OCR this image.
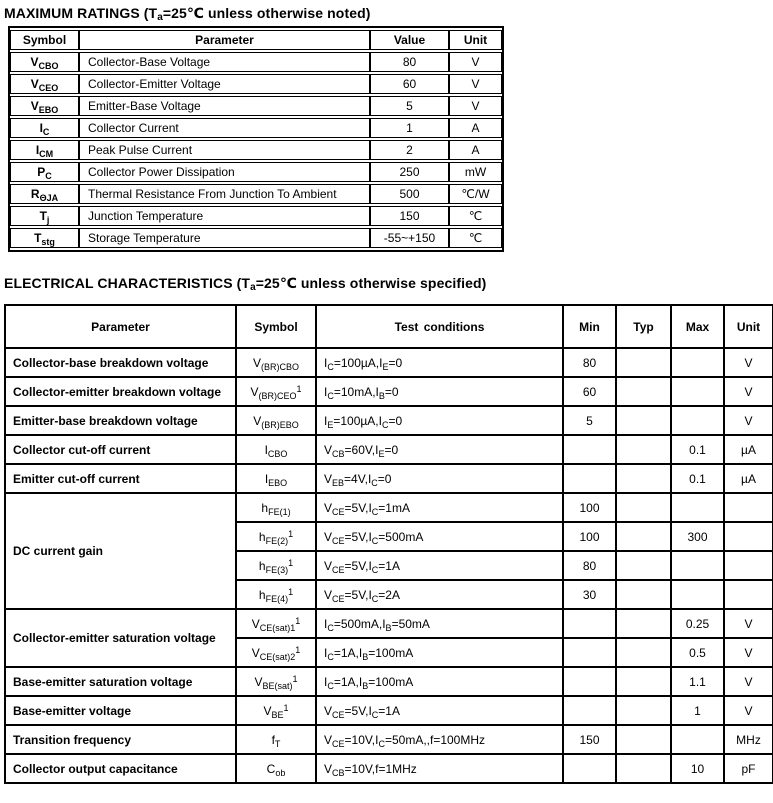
MAXIMUM RATINGS ($T_a=25℃$ unless otherwise noted)
Symbol	Parameter	Value	Unit
$V_{CBO}$	Collector-Base Voltage	80	V
$V_{CEO}$	Collector-Emitter Voltage	60	V
$V_{EBO}$	Emitter-Base Voltage	5	V
$I_C$	Collector Current	1	A
$I_{CM}$	Peak Pulse Current	2	A
$P_C$	Collector Power Dissipation	250	mW
$R_{\Theta JA}$	Thermal Resistance From Junction To Ambient	500	℃/W
$T_j$	Junction Temperature	150	℃
$T_{stg}$	Storage Temperature	-55~+150	℃
ELECTRICAL CHARACTERISTICS ($T_a=25℃$ unless otherwise specified)
Parameter	Symbol	Test conditions	Min	Typ	Max	Unit
Collector-base breakdown voltage	$V_{(BR)CBO}$	$I_C=100\mu A,I_E=0$	80			V
Collector-emitter breakdown voltage	$V_{(BR)CEO}^1$	$I_C=10mA,I_B=0$	60			V
Emitter-base breakdown voltage	$V_{(BR)EBO}$	$I_E=100\mu A,I_C=0$	5			V
Collector cut-off current	$I_{CBO}$	$V_{CB}=60V,I_E=0$			0.1	µA
Emitter cut-off current	$I_{EBO}$	$V_{EB}=4V,I_C=0$			0.1	µA
DC current gain	$h_{FE(1)}$	$V_{CE}=5V,I_C=1mA$	100			
	$h_{FE(2)}^1$	$V_{CE}=5V,I_C=500mA$	100		300	
	$h_{FE(3)}^1$	$V_{CE}=5V,I_C=1A$	80			
	$h_{FE(4)}^1$	$V_{CE}=5V,I_C=2A$	30			
Collector-emitter saturation voltage	$V_{CE(sat)1}^1$	$I_C=500mA,I_B=50mA$			0.25	V
	$V_{CE(sat)2}^1$	$I_C=1A,I_B=100mA$			0.5	V
Base-emitter saturation voltage	$V_{BE(sat)}^1$	$I_C=1A,I_B=100mA$			1.1	V
Base-emitter voltage	$V_{BE}^1$	$V_{CE}=5V,I_C=1A$			1	V
Transition frequency	$f_T$	$V_{CE}=10V,I_C=50mA,,f=100MHz$	150			MHz
Collector output capacitance	$C_{ob}$	$V_{CB}=10V,f=1MHz$			10	pF
